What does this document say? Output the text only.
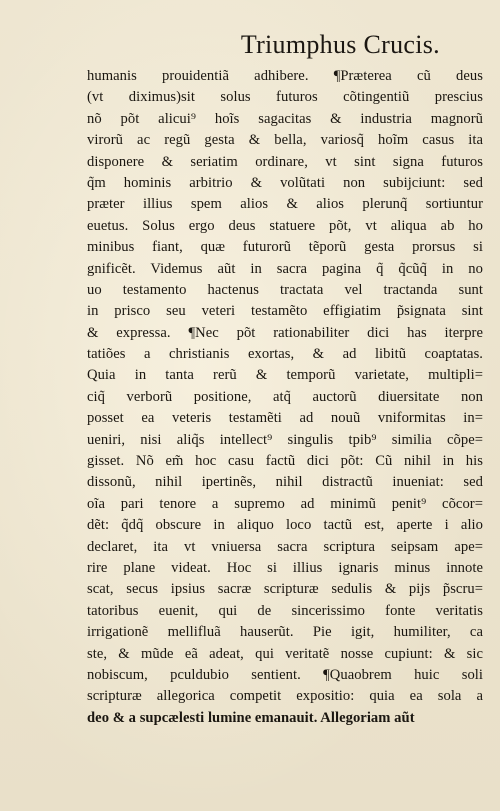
Triumphus Crucis.
humanis prouidentiã adhibere. ¶Præterea cũ deus
(vt diximus)sit solus futuros cõtingentiũ prescius
nõ põt alicui⁹ hoĩs sagacitas & industria magnorũ
virorũ ac regũ gesta & bella, variosq̃ hoĩm casus ita
disponere & seriatim ordinare, vt sint signa futuros
q̃m hominis arbitrio & volũtati non subijciunt: sed
præter illius spem alios & alios plerunq̃ sortiuntur
euetus. Solus ergo deus statuere põt, vt aliqua ab ho
minibus fiant, quæ futurorũ tẽporũ gesta prorsus si
gnificẽt. Videmus aũt in sacra pagina q̃ q̃cũq̃ in no
uo testamento hactenus tractata vel tractanda sunt
in prisco seu veteri testamẽto effigiatim p̃signata sint
& expressa. ¶Nec põt rationabiliter dici has iterpre
tatiões a christianis exortas, & ad libitũ coaptatas.
Quia in tanta rerũ & temporũ varietate, multipli=
ciq̃ verborũ positione, atq̃ auctorũ diuersitate non
posset ea veteris testamẽti ad nouũ vniformitas in=
ueniri, nisi aliq̃s intellect⁹ singulis tpib⁹ similia cõpe=
gisset. Nõ em̃ hoc casu factũ dici põt: Cũ nihil in his
dissonũ, nihil ipertinẽs, nihil distractũ inueniat: sed
oĩa pari tenore a supremo ad minimũ penit⁹ cõcor=
dẽt: q̃dq̃ obscure in aliquo loco tactũ est, aperte i alio
declaret, ita vt vniuersa sacra scriptura seipsam ape=
rire plane videat. Hoc si illius ignaris minus innote
scat, secus ipsius sacræ scripturæ sedulis & pijs p̃scru=
tatoribus euenit, qui de sincerissimo fonte veritatis
irrigationẽ mellifluã hauserũt. Pie igit, humiliter, ca
ste, & mũde eã adeat, qui veritatẽ nosse cupiunt: & sic
nobiscum, pculdubio sentient. ¶Quaobrem huic soli
scripturæ allegorica competit expositio: quia ea sola a
deo & a supcælesti lumine emanauit. Allegoriam aũt
